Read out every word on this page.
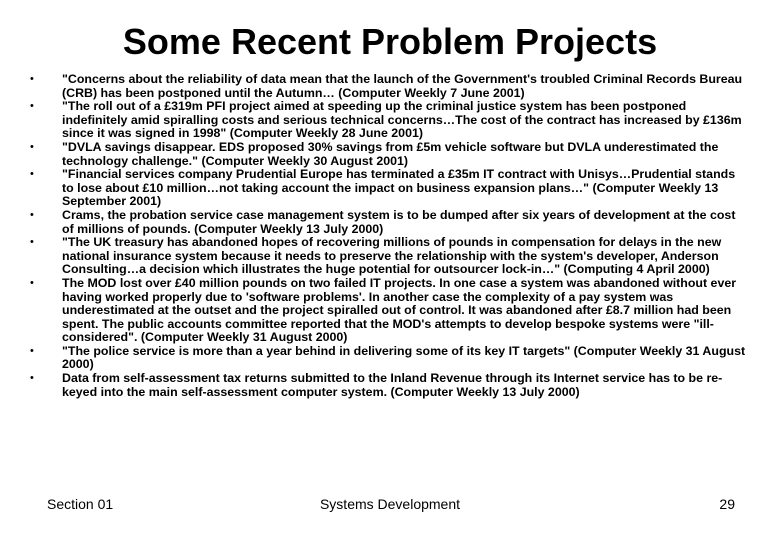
Some Recent Problem Projects
•	"Concerns about the reliability of data mean that the launch of the Government's troubled Criminal Records Bureau (CRB) has been postponed until the Autumn… (Computer Weekly 7 June 2001)
•	"The roll out of a £319m PFI project aimed at speeding up the criminal justice system has been postponed indefinitely amid spiralling costs and serious technical concerns…The cost of the contract has increased by £136m since it was signed in 1998" (Computer Weekly 28 June 2001)
•	"DVLA savings disappear. EDS proposed 30% savings from £5m vehicle software but DVLA underestimated the technology challenge." (Computer Weekly 30 August 2001)
•	"Financial services company Prudential Europe has terminated a £35m IT contract with Unisys…Prudential stands to lose about £10 million…not taking account the impact on business expansion plans…" (Computer Weekly 13 September 2001)
•	Crams, the probation service case management system is to be dumped after six years of development at the cost of millions of pounds. (Computer Weekly 13 July 2000)
•	"The UK treasury has abandoned hopes of recovering millions of pounds in compensation for delays in the new national insurance system because it needs to preserve the relationship with the system's developer, Anderson Consulting…a decision which illustrates the huge potential for outsourcer lock-in…" (Computing 4 April 2000)
•	The MOD lost over £40 million pounds on two failed IT projects. In one case a system was abandoned without ever having worked properly due to 'software problems'. In another case the complexity of a pay system was underestimated at the outset and the project spiralled out of control. It was abandoned after £8.7 million had been spent. The public accounts committee reported that the MOD's attempts to develop bespoke systems were "ill-considered". (Computer Weekly 31 August 2000)
•	"The police service is more than a year behind in delivering some of its key IT targets" (Computer Weekly 31 August 2000)
•	Data from self-assessment tax returns submitted to the Inland Revenue through its Internet service has to be re-keyed into the main self-assessment computer system. (Computer Weekly 13 July 2000)
Section 01	Systems Development	29
